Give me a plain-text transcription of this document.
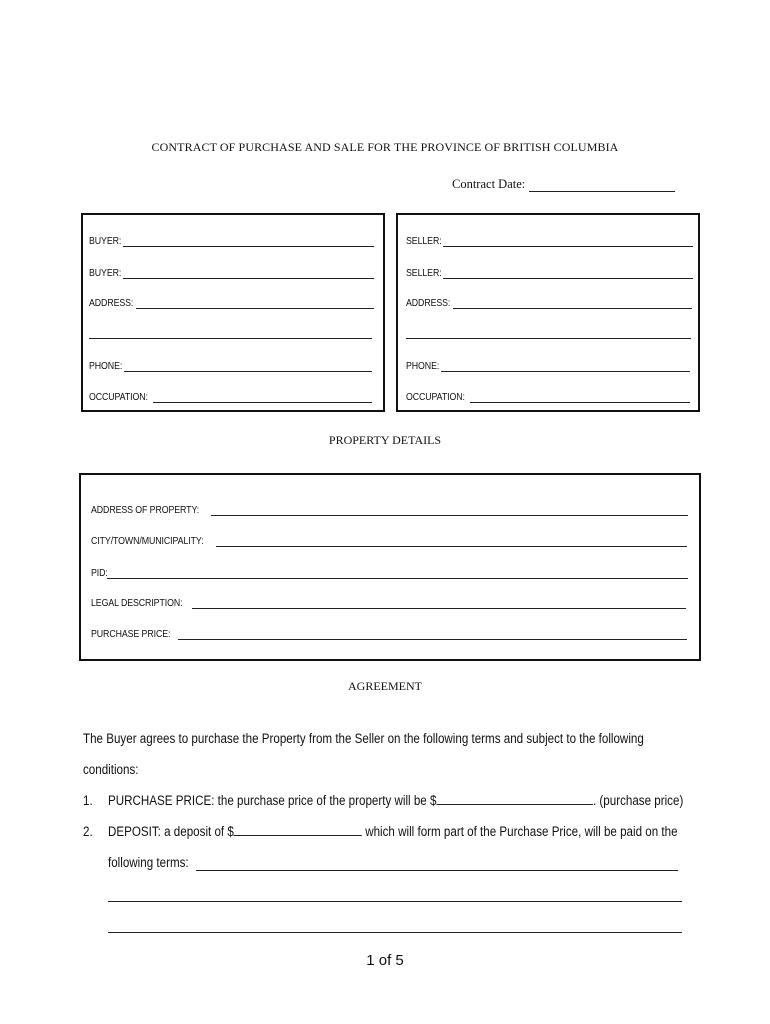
CONTRACT OF PURCHASE AND SALE FOR THE PROVINCE OF BRITISH COLUMBIA
Contract Date:
BUYER:
BUYER:
ADDRESS:
PHONE:
OCCUPATION:
SELLER:
SELLER:
ADDRESS:
PHONE:
OCCUPATION:
PROPERTY DETAILS
ADDRESS OF PROPERTY:
CITY/TOWN/MUNICIPALITY:
PID:
LEGAL DESCRIPTION:
PURCHASE PRICE:
AGREEMENT
The Buyer agrees to purchase the Property from the Seller on the following terms and subject to the following
conditions:
1. PURCHASE PRICE: the purchase price of the property will be $	. (purchase price)
2. DEPOSIT: a deposit of $	which will form part of the Purchase Price, will be paid on the
following terms:
1 of 5
